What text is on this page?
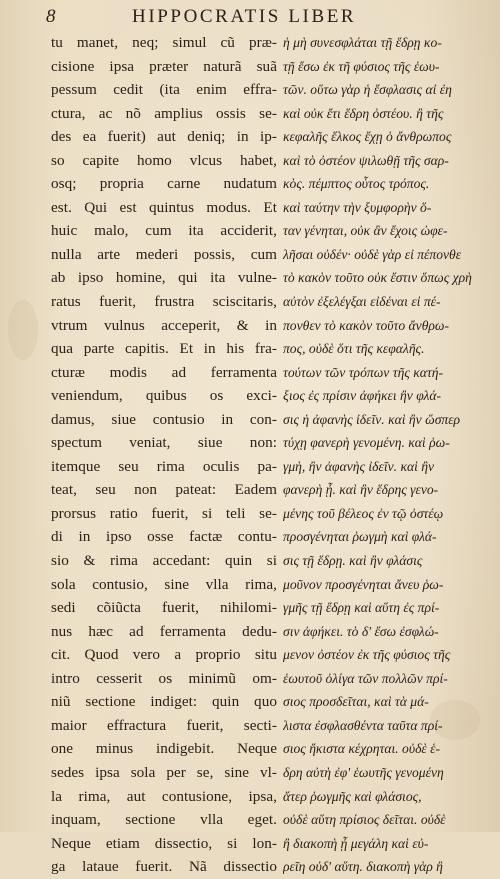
8	HIPPOCRATIS LIBER
tu manet, neq; simul cũ præ-
cisione ipsa præter naturã suã
pessum cedit (ita enim effra-
ctura, ac nõ amplius ossis se-
des ea fuerit) aut deniq; in ip-
so capite homo vlcus habet,
osq; propria carne nudatum
est. Qui est quintus modus. Et
huic malo, cum ita acciderit,
nulla arte mederi possis, cum
ab ipso homine, qui ita vulne-
ratus fuerit, frustra sciscitaris,
vtrum vulnus acceperit, & in
qua parte capitis. Et in his fra-
cturæ modis ad ferramenta
veniendum, quibus os exci-
damus, siue contusio in con-
spectum veniat, siue non:
itemque seu rima oculis pa-
teat, seu non pateat: Eadem
prorsus ratio fuerit, si teli se-
di in ipso osse factæ contu-
sio & rima accedant: quin si
sola contusio, sine vlla rima,
sedi cõiũcta fuerit, nihilomi-
nus hæc ad ferramenta dedu-
cit. Quod vero a proprio situ
intro cesserit os minimũ om-
niũ sectione indiget: quin quo
maior effractura fuerit, secti-
one minus indigebit. Neque
sedes ipsa sola per se, sine vl-
la rima, aut contusione, ipsa,
inquam, sectione vlla eget.
Neque etiam dissectio, si lon-
ga lataue fuerit. Nã dissectio
ἡ μὴ συνεσφλάται τῇ ἕδρῃ κο-
τῇ ἔσω ἐκ τῆ φύσιος τῆς ἑωυ-
τῶν. οὕτω γὰρ ἡ ἔσφλασις αἰ ἐη
καὶ οὐκ ἔτι ἕδρη ὀστέου. ἢ τῆς
κεφαλῆς ἕλκος ἔχῃ ὁ ἄνθρωπος
καὶ τὸ ὀστέον ψιλωθῇ τῆς σαρ-
κὸς. πέμπτος οὗτος τρόπος.
καὶ ταύτην τὴν ξυμφορὴν ὅ-
ταν γένηται, οὐκ ἂν ἔχοις ὠφε-
λῆσαι οὐδέν· οὐδὲ γὰρ εἰ πέπονθε
τὸ κακὸν τοῦτο οὐκ ἔστιν ὅπως χρὴ
αὐτὸν ἐξελέγξαι εἰδέναι εἰ πέ-
πονθεν τὸ κακὸν τοῦτο ἄνθρω-
πος, οὐδὲ ὅτι τῆς κεφαλῆς.
τούτων τῶν τρόπων τῆς κατή-
ξιος ἐς πρίσιν ἀφήκει ἢν φλά-
σις ἡ ἀφανὴς ἰδεῖν. καὶ ἢν ὥσπερ
τύχῃ φανερὴ γενομένη. καὶ ῥω-
γμὴ, ἢν ἀφανὴς ἰδεῖν. καὶ ἢν
φανερὴ ᾖ. καὶ ἢν ἕδρης γενο-
μένης τοῦ βέλεος ἐν τῷ ὀστέῳ
προσγένηται ῥωγμὴ καὶ φλά-
σις τῇ ἕδρῃ. καὶ ἢν φλάσις
μοῦνον προσγένηται ἄνευ ῥω-
γμῆς τῇ ἕδρῃ καὶ αὕτη ἐς πρί-
σιν ἀφήκει. τὸ δ' ἔσω ἐσφλώ-
μενον ὀστέον ἐκ τῆς φύσιος τῆς
ἑωυτοῦ ὀλίγα τῶν πολλῶν πρί-
σιος προσδεῖται, καὶ τὰ μά-
λιστα ἐσφλασθέντα ταῦτα πρί-
σιος ἥκιστα κέχρηται. οὐδὲ ἑ-
δρη αὐτὴ ἐφ' ἑωυτῆς γενομένη
ἄτερ ῥωγμῆς καὶ φλάσιος,
οὐδὲ αὕτη πρίσιος δεῖται. οὐδὲ
ἢ διακοπὴ ᾖ μεγάλη καὶ εὐ-
ρεῖη οὐδ' αὕτη. διακοπὴ γὰρ ἢ
